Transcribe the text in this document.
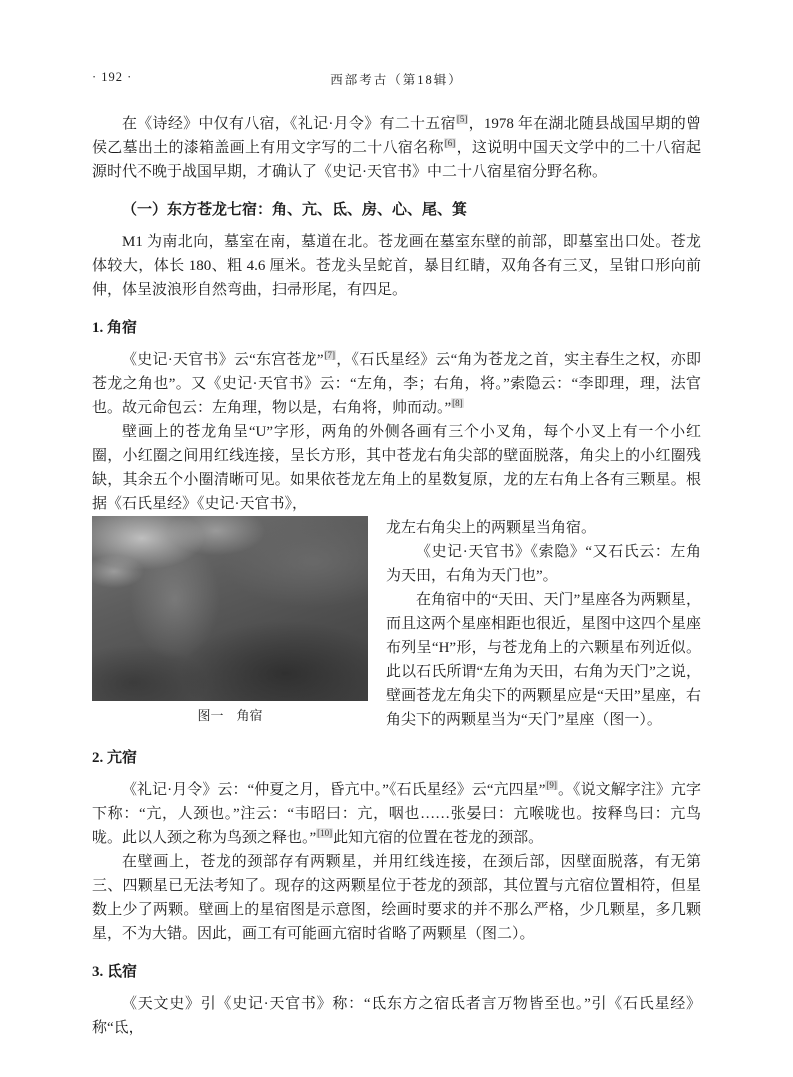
· 192 ·	西部考古（第18辑）

在《诗经》中仅有八宿，《礼记·月令》有二十五宿[5]，1978 年在湖北随县战国早期的曾侯乙墓出土的漆箱盖画上有用文字写的二十八宿名称[6]，这说明中国天文学中的二十八宿起源时代不晚于战国早期，才确认了《史记·天官书》中二十八宿星宿分野名称。

（一）东方苍龙七宿：角、亢、氐、房、心、尾、箕

M1 为南北向，墓室在南，墓道在北。苍龙画在墓室东壁的前部，即墓室出口处。苍龙体较大，体长 180、粗 4.6 厘米。苍龙头呈蛇首，暴目红睛，双角各有三叉，呈钳口形向前伸，体呈波浪形自然弯曲，扫帚形尾，有四足。

1. 角宿

《史记·天官书》云“东宫苍龙”[7]，《石氏星经》云“角为苍龙之首，实主春生之权，亦即苍龙之角也”。又《史记·天官书》云：“左角，李；右角，将。”索隐云：“李即理，理，法官也。故元命包云：左角理，物以是，右角将，帅而动。”[8]

壁画上的苍龙角呈“U”字形，两角的外侧各画有三个小叉角，每个小叉上有一个小红圈，小红圈之间用红线连接，呈长方形，其中苍龙右角尖部的壁面脱落，角尖上的小红圈残缺，其余五个小圈清晰可见。如果依苍龙左角上的星数复原，龙的左右角上各有三颗星。根据《石氏星经》《史记·天官书》，

图一　角宿

龙左右角尖上的两颗星当角宿。

《史记·天官书》《索隐》“又石氏云：左角为天田，右角为天门也”。

在角宿中的“天田、天门”星座各为两颗星，而且这两个星座相距也很近，星图中这四个星座布列呈“H”形，与苍龙角上的六颗星布列近似。此以石氏所谓“左角为天田，右角为天门”之说，壁画苍龙左角尖下的两颗星应是“天田”星座，右角尖下的两颗星当为“天门”星座（图一）。

2. 亢宿

《礼记·月令》云：“仲夏之月，昏亢中。”《石氏星经》云“亢四星”[9]。《说文解字注》亢字下称：“亢，人颈也。”注云：“韦昭曰：亢，咽也……张晏曰：亢喉咙也。按释鸟曰：亢鸟咙。此以人颈之称为鸟颈之释也。”[10]此知亢宿的位置在苍龙的颈部。

在壁画上，苍龙的颈部存有两颗星，并用红线连接，在颈后部，因壁面脱落，有无第三、四颗星已无法考知了。现存的这两颗星位于苍龙的颈部，其位置与亢宿位置相符，但星数上少了两颗。壁画上的星宿图是示意图，绘画时要求的并不那么严格，少几颗星，多几颗星，不为大错。因此，画工有可能画亢宿时省略了两颗星（图二）。

3. 氐宿

《天文史》引《史记·天官书》称：“氐东方之宿氐者言万物皆至也。”引《石氏星经》称“氐，
